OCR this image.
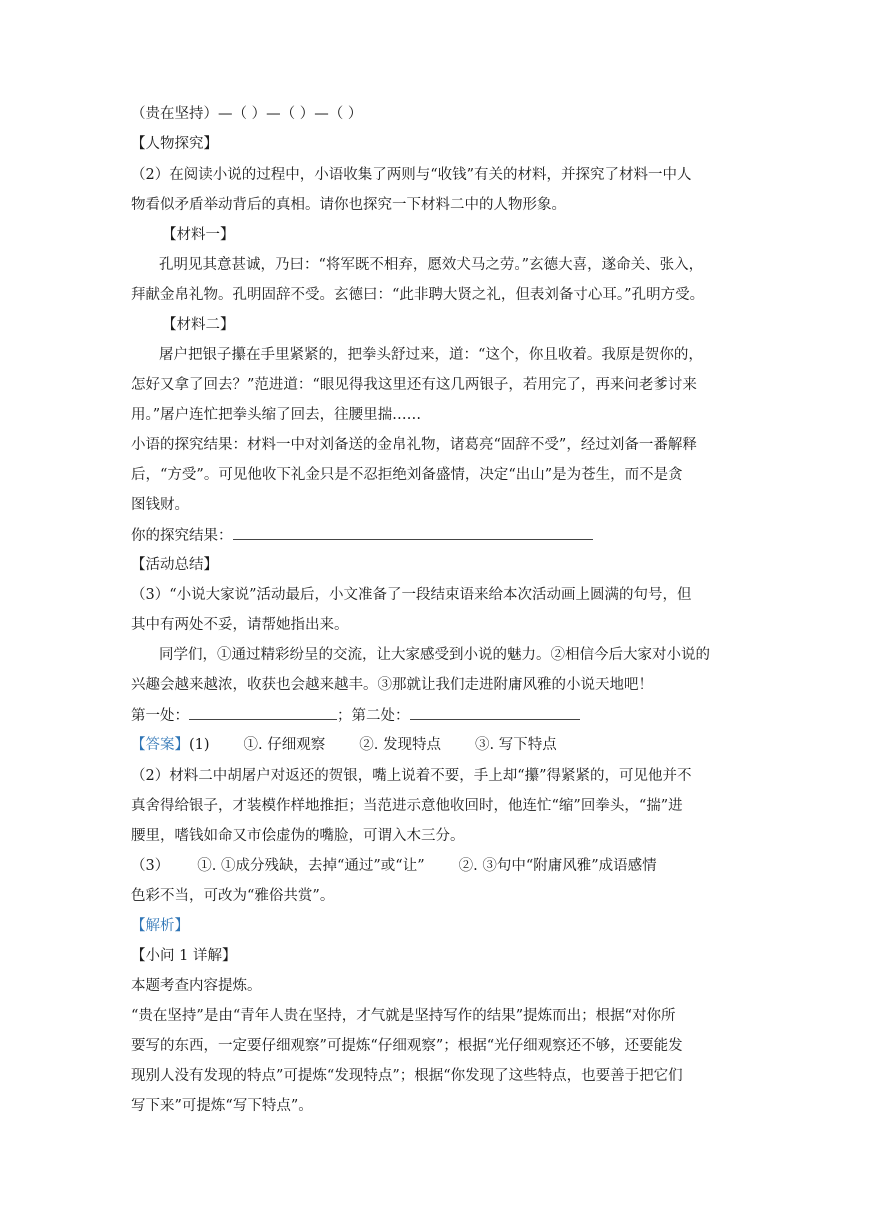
（贵在坚持）—（ ）—（ ）—（ ）
【人物探究】
（2）在阅读小说的过程中，小语收集了两则与“收钱”有关的材料，并探究了材料一中人
物看似矛盾举动背后的真相。请你也探究一下材料二中的人物形象。
【材料一】
孔明见其意甚诚，乃曰：“将军既不相弃，愿效犬马之劳。”玄德大喜，遂命关、张入，
拜献金帛礼物。孔明固辞不受。玄德曰：“此非聘大贤之礼，但表刘备寸心耳。”孔明方受。
【材料二】
屠户把银子攥在手里紧紧的，把拳头舒过来，道：“这个，你且收着。我原是贺你的，
怎好又拿了回去？”范进道：“眼见得我这里还有这几两银子，若用完了，再来问老爹讨来
用。”屠户连忙把拳头缩了回去，往腰里揣……
小语的探究结果：材料一中对刘备送的金帛礼物，诸葛亮“固辞不受”，经过刘备一番解释
后，“方受”。可见他收下礼金只是不忍拒绝刘备盛情，决定“出山”是为苍生，而不是贪
图钱财。
你的探究结果：
【活动总结】
（3）“小说大家说”活动最后，小文准备了一段结束语来给本次活动画上圆满的句号，但
其中有两处不妥，请帮她指出来。
同学们，①通过精彩纷呈的交流，让大家感受到小说的魅力。②相信今后大家对小说的
兴趣会越来越浓，收获也会越来越丰。③那就让我们走进附庸风雅的小说天地吧！
第一处：	；第二处：
【答案】(1) ①. 仔细观察 ②. 发现特点 ③. 写下特点
（2）材料二中胡屠户对返还的贺银，嘴上说着不要，手上却“攥”得紧紧的，可见他并不
真舍得给银子，才装模作样地推拒；当范进示意他收回时，他连忙“缩”回拳头，“揣”进
腰里，嗜钱如命又市侩虚伪的嘴脸，可谓入木三分。
（3） ①. ①成分残缺，去掉“通过”或“让” ②. ③句中“附庸风雅”成语感情
色彩不当，可改为“雅俗共赏”。
【解析】
【小问 1 详解】
本题考查内容提炼。
“贵在坚持”是由“青年人贵在坚持，才气就是坚持写作的结果”提炼而出；根据“对你所
要写的东西，一定要仔细观察”可提炼“仔细观察”；根据“光仔细观察还不够，还要能发
现别人没有发现的特点”可提炼“发现特点”；根据“你发现了这些特点，也要善于把它们
写下来”可提炼“写下特点”。
